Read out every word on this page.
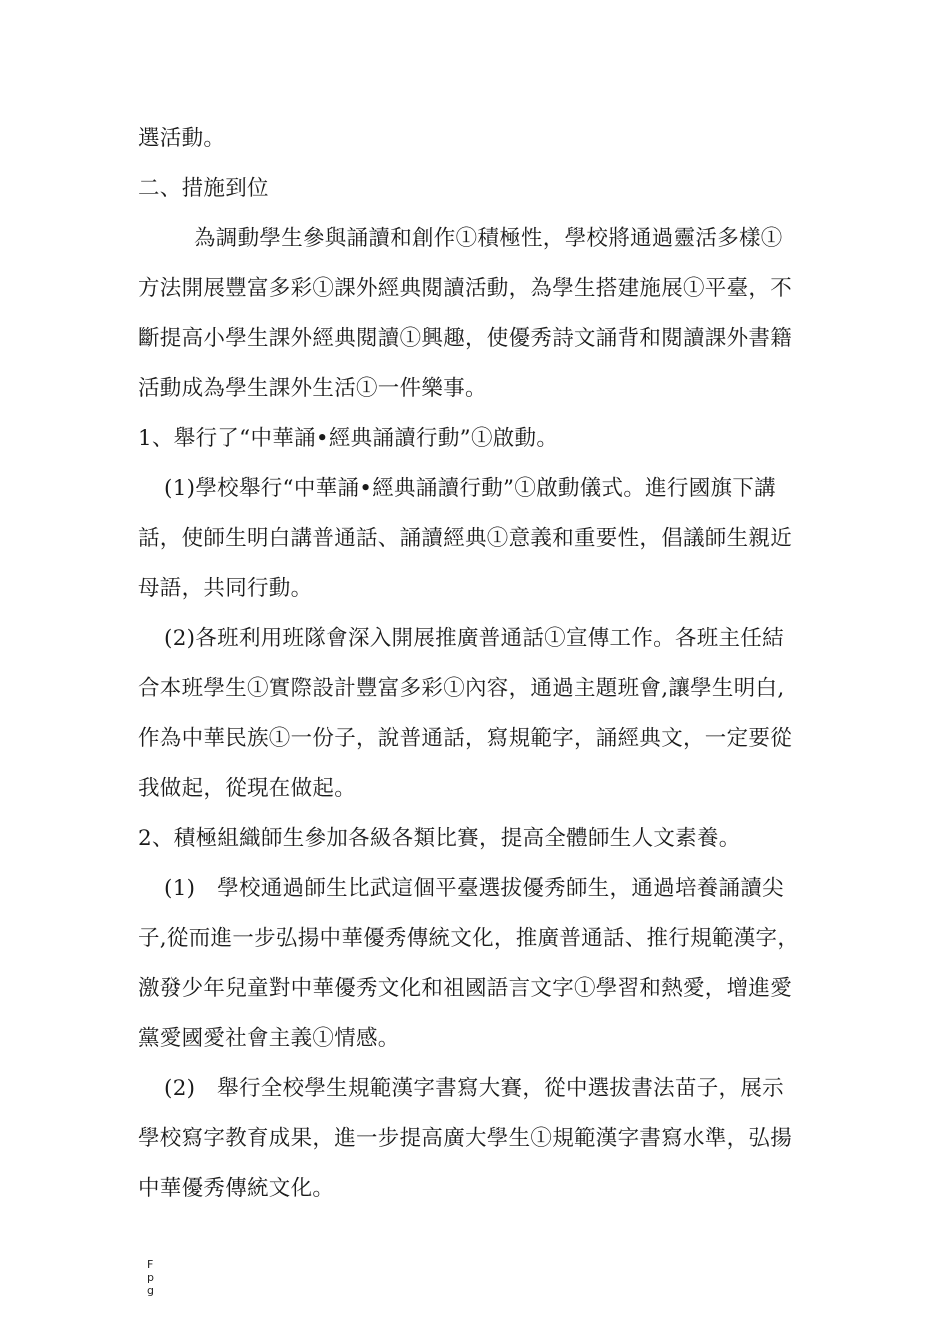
選活動。
二、措施到位
為調動學生參與誦讀和創作①積極性，學校將通過靈活多樣①
方法開展豐富多彩①課外經典閱讀活動，為學生搭建施展①平臺，不
斷提高小學生課外經典閱讀①興趣，使優秀詩文誦背和閱讀課外書籍
活動成為學生課外生活①一件樂事。
1、舉行了“中華誦•經典誦讀行動”①啟動。
(1)學校舉行“中華誦•經典誦讀行動”①啟動儀式。進行國旗下講
話，使師生明白講普通話、誦讀經典①意義和重要性，倡議師生親近
母語，共同行動。
(2)各班利用班隊會深入開展推廣普通話①宣傳工作。各班主任結
合本班學生①實際設計豐富多彩①內容，通過主題班會,讓學生明白,
作為中華民族①一份子，說普通話，寫規範字，誦經典文，一定要從
我做起，從現在做起。
2、積極組織師生參加各級各類比賽，提高全體師生人文素養。
(1)　學校通過師生比武這個平臺選拔優秀師生，通過培養誦讀尖
子,從而進一步弘揚中華優秀傳統文化，推廣普通話、推行規範漢字，
激發少年兒童對中華優秀文化和祖國語言文字①學習和熱愛，增進愛
黨愛國愛社會主義①情感。
(2)　舉行全校學生規範漢字書寫大賽，從中選拔書法苗子，展示
學校寫字教育成果，進一步提高廣大學生①規範漢字書寫水準，弘揚
中華優秀傳統文化。
F
p
g
